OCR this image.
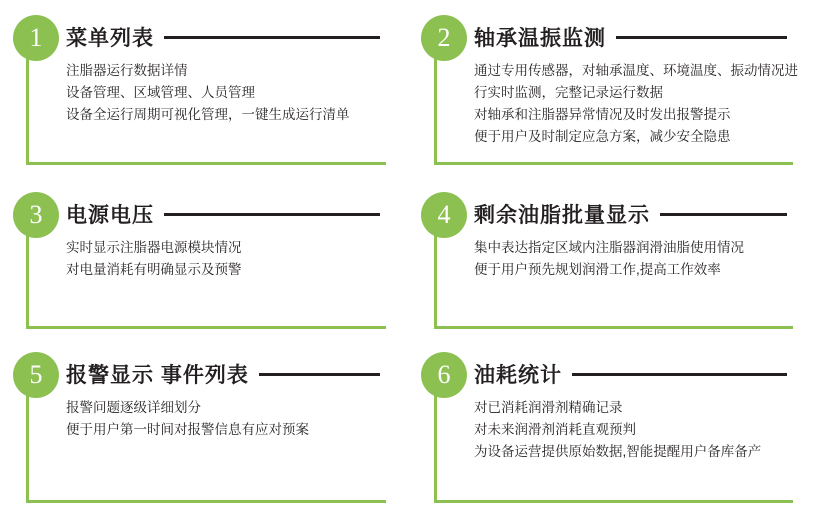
1	菜单列表
注脂器运行数据详情
设备管理、区域管理、人员管理
设备全运行周期可视化管理，一键生成运行清单
2	轴承温振监测
通过专用传感器，对轴承温度、环境温度、振动情况进行实时监测，完整记录运行数据
对轴承和注脂器异常情况及时发出报警提示
便于用户及时制定应急方案，减少安全隐患
3	电源电压
实时显示注脂器电源模块情况
对电量消耗有明确显示及预警
4	剩余油脂批量显示
集中表达指定区域内注脂器润滑油脂使用情况
便于用户预先规划润滑工作,提高工作效率
5	报警显示 事件列表
报警问题逐级详细划分
便于用户第一时间对报警信息有应对预案
6	油耗统计
对已消耗润滑剂精确记录
对未来润滑剂消耗直观预判
为设备运营提供原始数据,智能提醒用户备库备产
